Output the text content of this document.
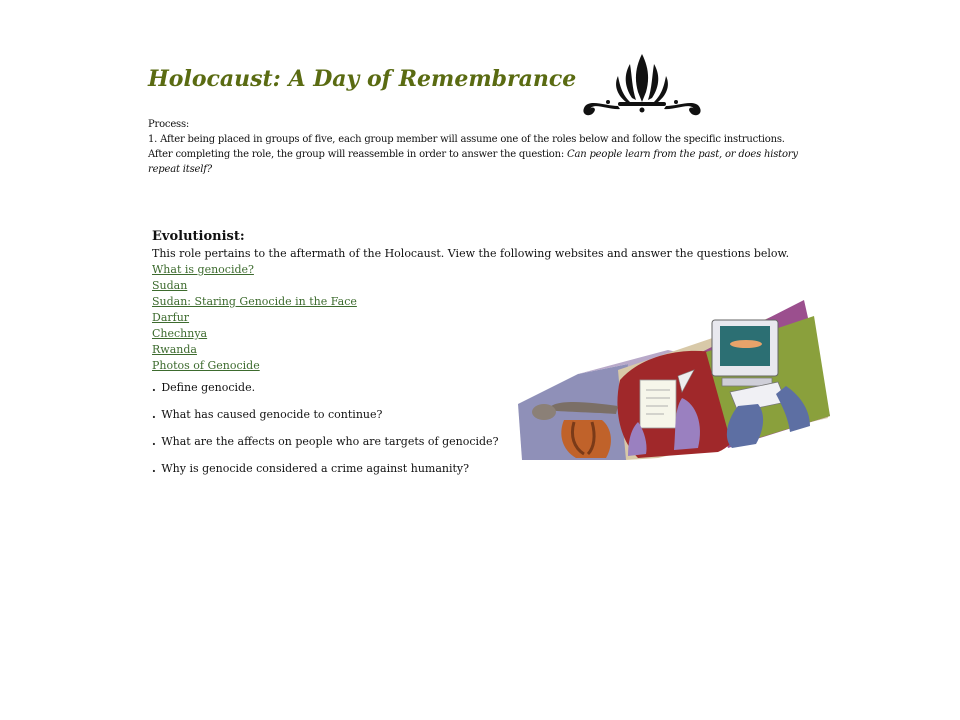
Holocaust: A Day of Remembrance

Process:

1. After being placed in groups of five, each group member will assume one of the roles below and follow the specific instructions. After completing the role, the group will reassemble in order to answer the question: Can people learn from the past, or does history repeat itself?

Evolutionist:

This role pertains to the aftermath of the Holocaust. View the following websites and answer the questions below.

What is genocide?
Sudan
Sudan: Staring Genocide in the Face
Darfur
Chechnya
Rwanda
Photos of Genocide
. Define genocide.
. What has caused genocide to continue?
. What are the affects on people who are targets of genocide?
. Why is genocide considered a crime against humanity?
